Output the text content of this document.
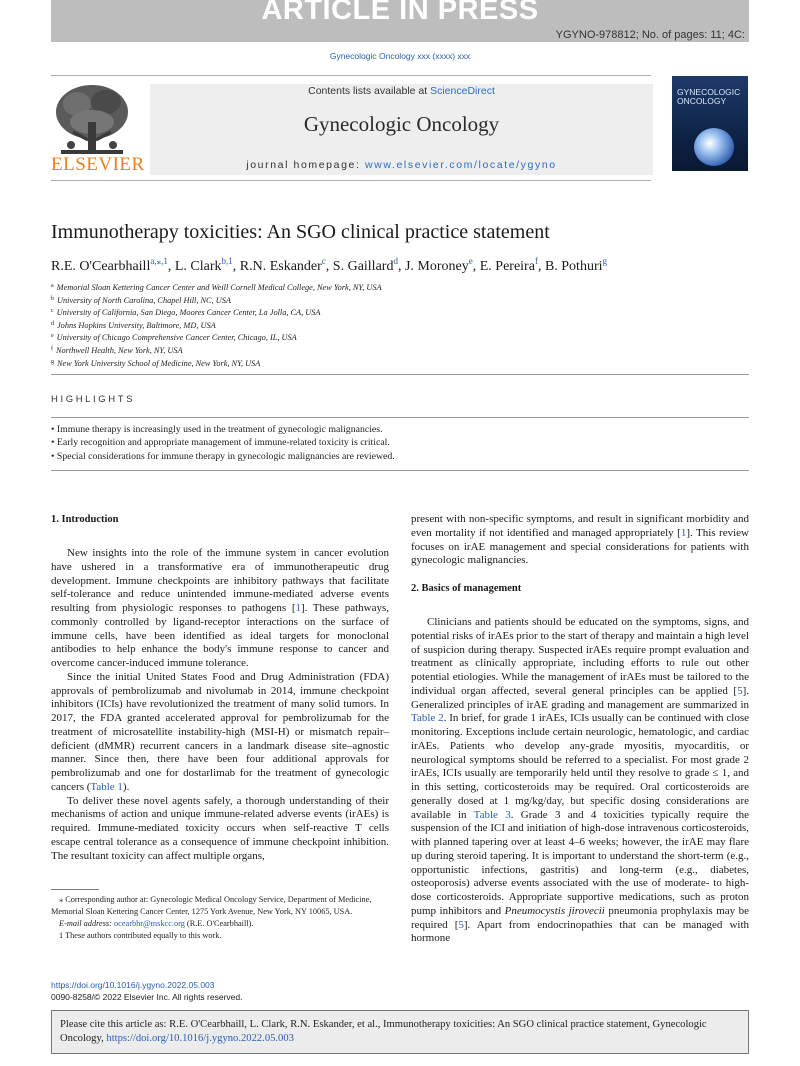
ARTICLE IN PRESS
YGYNO-978812; No. of pages: 11; 4C:
Gynecologic Oncology xxx (xxxx) xxx
ELSEVIER
Contents lists available at ScienceDirect
Gynecologic Oncology
journal homepage: www.elsevier.com/locate/ygyno
GYNECOLOGIC ONCOLOGY
Immunotherapy toxicities: An SGO clinical practice statement
R.E. O'Cearbhaill$^{a,⁎,1}$, L. Clark$^{b,1}$, R.N. Eskander$^c$, S. Gaillard$^d$, J. Moroney$^e$, E. Pereira$^f$, B. Pothuri$^g$
$^a$ Memorial Sloan Kettering Cancer Center and Weill Cornell Medical College, New York, NY, USA
$^b$ University of North Carolina, Chapel Hill, NC, USA
$^c$ University of California, San Diego, Moores Cancer Center, La Jolla, CA, USA
$^d$ Johns Hopkins University, Baltimore, MD, USA
$^e$ University of Chicago Comprehensive Cancer Center, Chicago, IL, USA
$^f$ Northwell Health, New York, NY, USA
$^g$ New York University School of Medicine, New York, NY, USA
HIGHLIGHTS
• Immune therapy is increasingly used in the treatment of gynecologic malignancies.
• Early recognition and appropriate management of immune-related toxicity is critical.
• Special considerations for immune therapy in gynecologic malignancies are reviewed.

1. Introduction

New insights into the role of the immune system in cancer evolution have ushered in a transformative era of immunotherapeutic drug development. Immune checkpoints are inhibitory pathways that facilitate self-tolerance and reduce unintended immune-mediated adverse events resulting from physiologic responses to pathogens [1]. These pathways, commonly controlled by ligand-receptor interactions on the surface of immune cells, have been identified as ideal targets for monoclonal antibodies to help enhance the body's immune response to cancer and overcome cancer-induced immune tolerance.

Since the initial United States Food and Drug Administration (FDA) approvals of pembrolizumab and nivolumab in 2014, immune checkpoint inhibitors (ICIs) have revolutionized the treatment of many solid tumors. In 2017, the FDA granted accelerated approval for pembrolizumab for the treatment of microsatellite instability-high (MSI-H) or mismatch repair–deficient (dMMR) recurrent cancers in a landmark disease site–agnostic manner. Since then, there have been four additional approvals for pembrolizumab and one for dostarlimab for the treatment of gynecologic cancers (Table 1).

To deliver these novel agents safely, a thorough understanding of their mechanisms of action and unique immune-related adverse events (irAEs) is required. Immune-mediated toxicity occurs when self-reactive T cells escape central tolerance as a consequence of immune checkpoint inhibition. The resultant toxicity can affect multiple organs,

present with non-specific symptoms, and result in significant morbidity and even mortality if not identified and managed appropriately [1]. This review focuses on irAE management and special considerations for patients with gynecologic malignancies.

2. Basics of management

Clinicians and patients should be educated on the symptoms, signs, and potential risks of irAEs prior to the start of therapy and maintain a high level of suspicion during therapy. Suspected irAEs require prompt evaluation and treatment as clinically appropriate, including efforts to rule out other potential etiologies. While the management of irAEs must be tailored to the individual organ affected, several general principles can be applied [5]. Generalized principles of irAE grading and management are summarized in Table 2. In brief, for grade 1 irAEs, ICIs usually can be continued with close monitoring. Exceptions include certain neurologic, hematologic, and cardiac irAEs. Patients who develop any-grade myositis, myocarditis, or neurological symptoms should be referred to a specialist. For most grade 2 irAEs, ICIs usually are temporarily held until they resolve to grade ≤ 1, and in this setting, corticosteroids may be required. Oral corticosteroids are generally dosed at 1 mg/kg/day, but specific dosing considerations are available in Table 3. Grade 3 and 4 toxicities typically require the suspension of the ICI and initiation of high-dose intravenous corticosteroids, with planned tapering over at least 4–6 weeks; however, the irAE may flare up during steroid tapering. It is important to understand the short-term (e.g., opportunistic infections, gastritis) and long-term (e.g., diabetes, osteoporosis) adverse events associated with the use of moderate- to high-dose corticosteroids. Appropriate supportive medications, such as proton pump inhibitors and Pneumocystis jirovecii pneumonia prophylaxis may be required [5]. Apart from endocrinopathies that can be managed with hormone

⁎ Corresponding author at: Gynecologic Medical Oncology Service, Department of Medicine, Memorial Sloan Kettering Cancer Center, 1275 York Avenue, New York, NY 10065, USA.

E-mail address: ocearbhr@mskcc.org (R.E. O'Cearbhaill).

1 These authors contributed equally to this work.

https://doi.org/10.1016/j.ygyno.2022.05.003
0090-8258/© 2022 Elsevier Inc. All rights reserved.
Please cite this article as: R.E. O'Cearbhaill, L. Clark, R.N. Eskander, et al., Immunotherapy toxicities: An SGO clinical practice statement, Gynecologic Oncology, https://doi.org/10.1016/j.ygyno.2022.05.003
